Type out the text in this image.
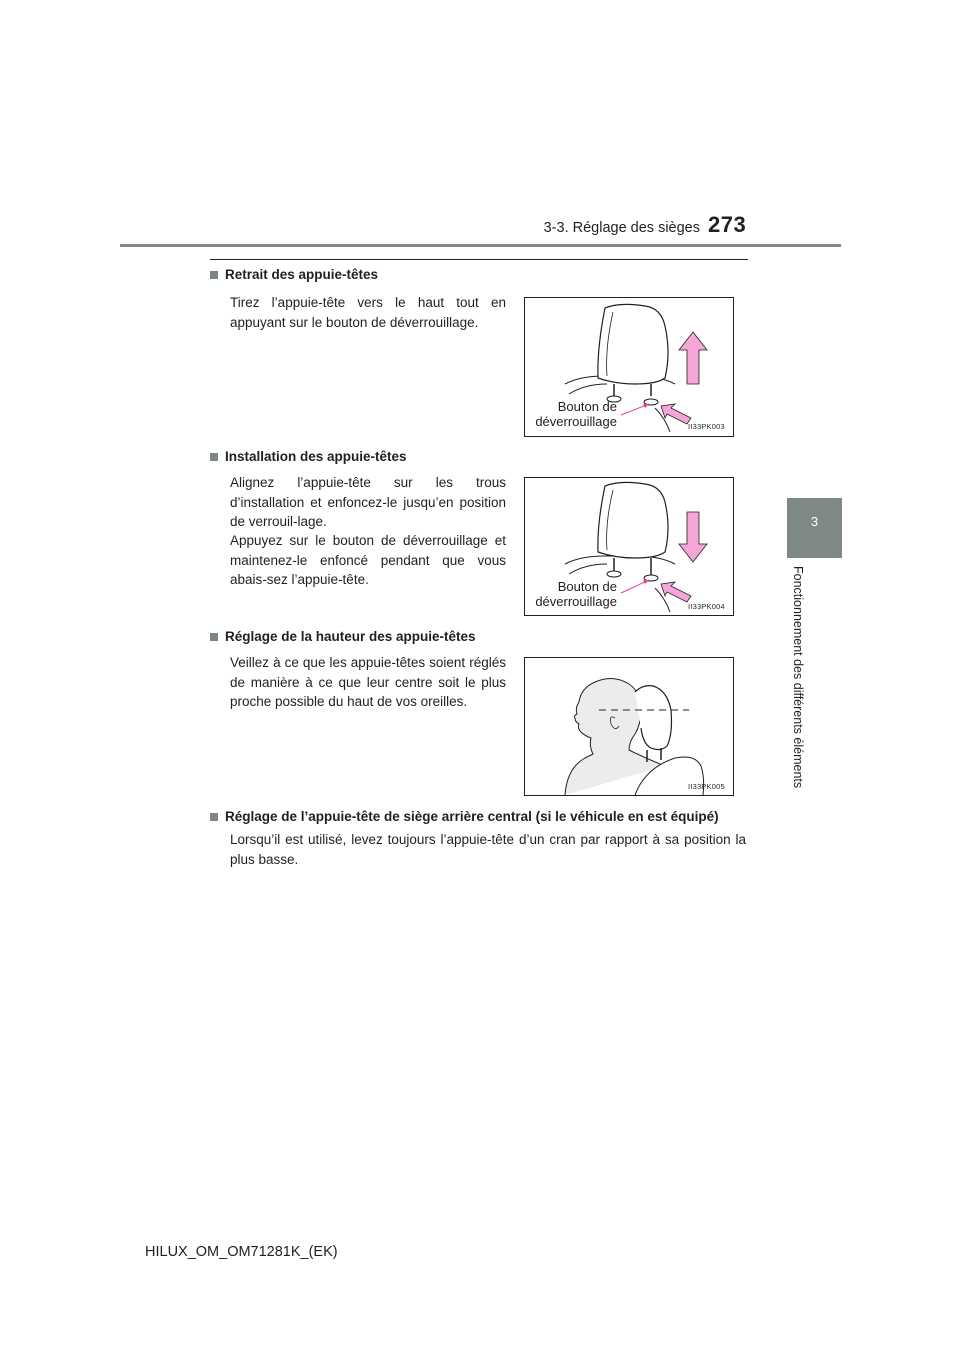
3-3. Réglage des sièges 273
3
Fonctionnement des différents éléments
Retrait des appuie-têtes
Tirez l’appuie-tête vers le haut tout en appuyant sur le bouton de déverrouillage.
Bouton de
déverrouillage	II33PK003
Installation des appuie-têtes
Alignez l’appuie-tête sur les trous d’installation et enfoncez-le jusqu’en position de verrouil-lage.
Appuyez sur le bouton de déverrouillage et maintenez-le enfoncé pendant que vous abais-sez l’appuie-tête.	Bouton de
déverrouillage	II33PK004
Réglage de la hauteur des appuie-têtes
Veillez à ce que les appuie-têtes soient réglés de manière à ce que leur centre soit le plus proche possible du haut de vos oreilles.
II33PK005
Réglage de l’appuie-tête de siège arrière central (si le véhicule en est équipé)
Lorsqu’il est utilisé, levez toujours l’appuie-tête d’un cran par rapport à sa position la plus basse.
HILUX_OM_OM71281K_(EK)
